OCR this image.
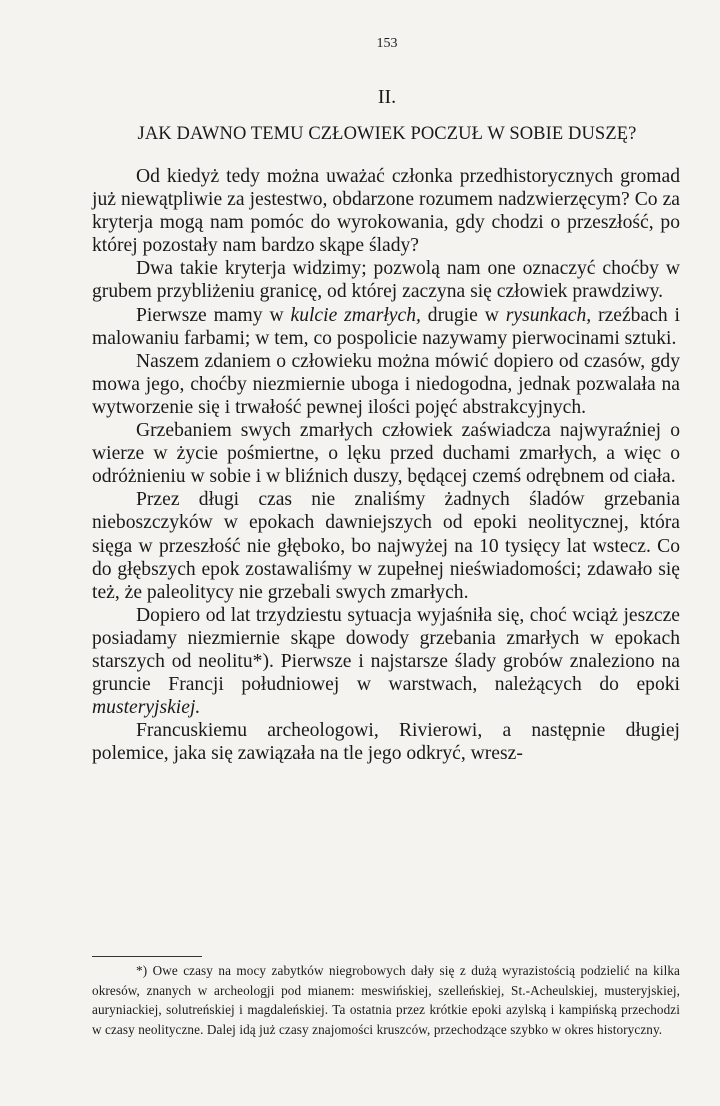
153
II.
JAK DAWNO TEMU CZŁOWIEK POCZUŁ W SOBIE DUSZĘ?

Od kiedyż tedy można uważać członka przedhistorycznych gromad już niewątpliwie za jestestwo, obdarzone rozumem nadzwierzęcym? Co za kryterja mogą nam pomóc do wyrokowania, gdy chodzi o przeszłość, po której pozostały nam bardzo skąpe ślady?

Dwa takie kryterja widzimy; pozwolą nam one oznaczyć choćby w grubem przybliżeniu granicę, od której zaczyna się człowiek prawdziwy.

Pierwsze mamy w kulcie zmarłych, drugie w rysunkach, rzeźbach i malowaniu farbami; w tem, co pospolicie nazywamy pierwocinami sztuki.

Naszem zdaniem o człowieku można mówić dopiero od czasów, gdy mowa jego, choćby niezmiernie uboga i niedogodna, jednak pozwalała na wytworzenie się i trwałość pewnej ilości pojęć abstrakcyjnych.

Grzebaniem swych zmarłych człowiek zaświadcza najwyraźniej o wierze w życie pośmiertne, o lęku przed duchami zmarłych, a więc o odróżnieniu w sobie i w bliźnich duszy, będącej czemś odrębnem od ciała.

Przez długi czas nie znaliśmy żadnych śladów grzebania nieboszczyków w epokach dawniejszych od epoki neolitycznej, która sięga w przeszłość nie głęboko, bo najwyżej na 10 tysięcy lat wstecz. Co do głębszych epok zostawaliśmy w zupełnej nieświadomości; zdawało się też, że paleolitycy nie grzebali swych zmarłych.

Dopiero od lat trzydziestu sytuacja wyjaśniła się, choć wciąż jeszcze posiadamy niezmiernie skąpe dowody grzebania zmarłych w epokach starszych od neolitu*). Pierwsze i najstarsze ślady grobów znaleziono na gruncie Francji południowej w warstwach, należących do epoki musteryjskiej.

Francuskiemu archeologowi, Rivierowi, a następnie długiej polemice, jaka się zawiązała na tle jego odkryć, wresz-

*) Owe czasy na mocy zabytków niegrobowych dały się z dużą wyrazistością podzielić na kilka okresów, znanych w archeologji pod mianem: meswińskiej, szelleńskiej, St.-Acheulskiej, musteryjskiej, auryniackiej, solutreńskiej i magdaleńskiej. Ta ostatnia przez krótkie epoki azylską i kampińską przechodzi w czasy neolityczne. Dalej idą już czasy znajomości kruszców, przechodzące szybko w okres historyczny.
